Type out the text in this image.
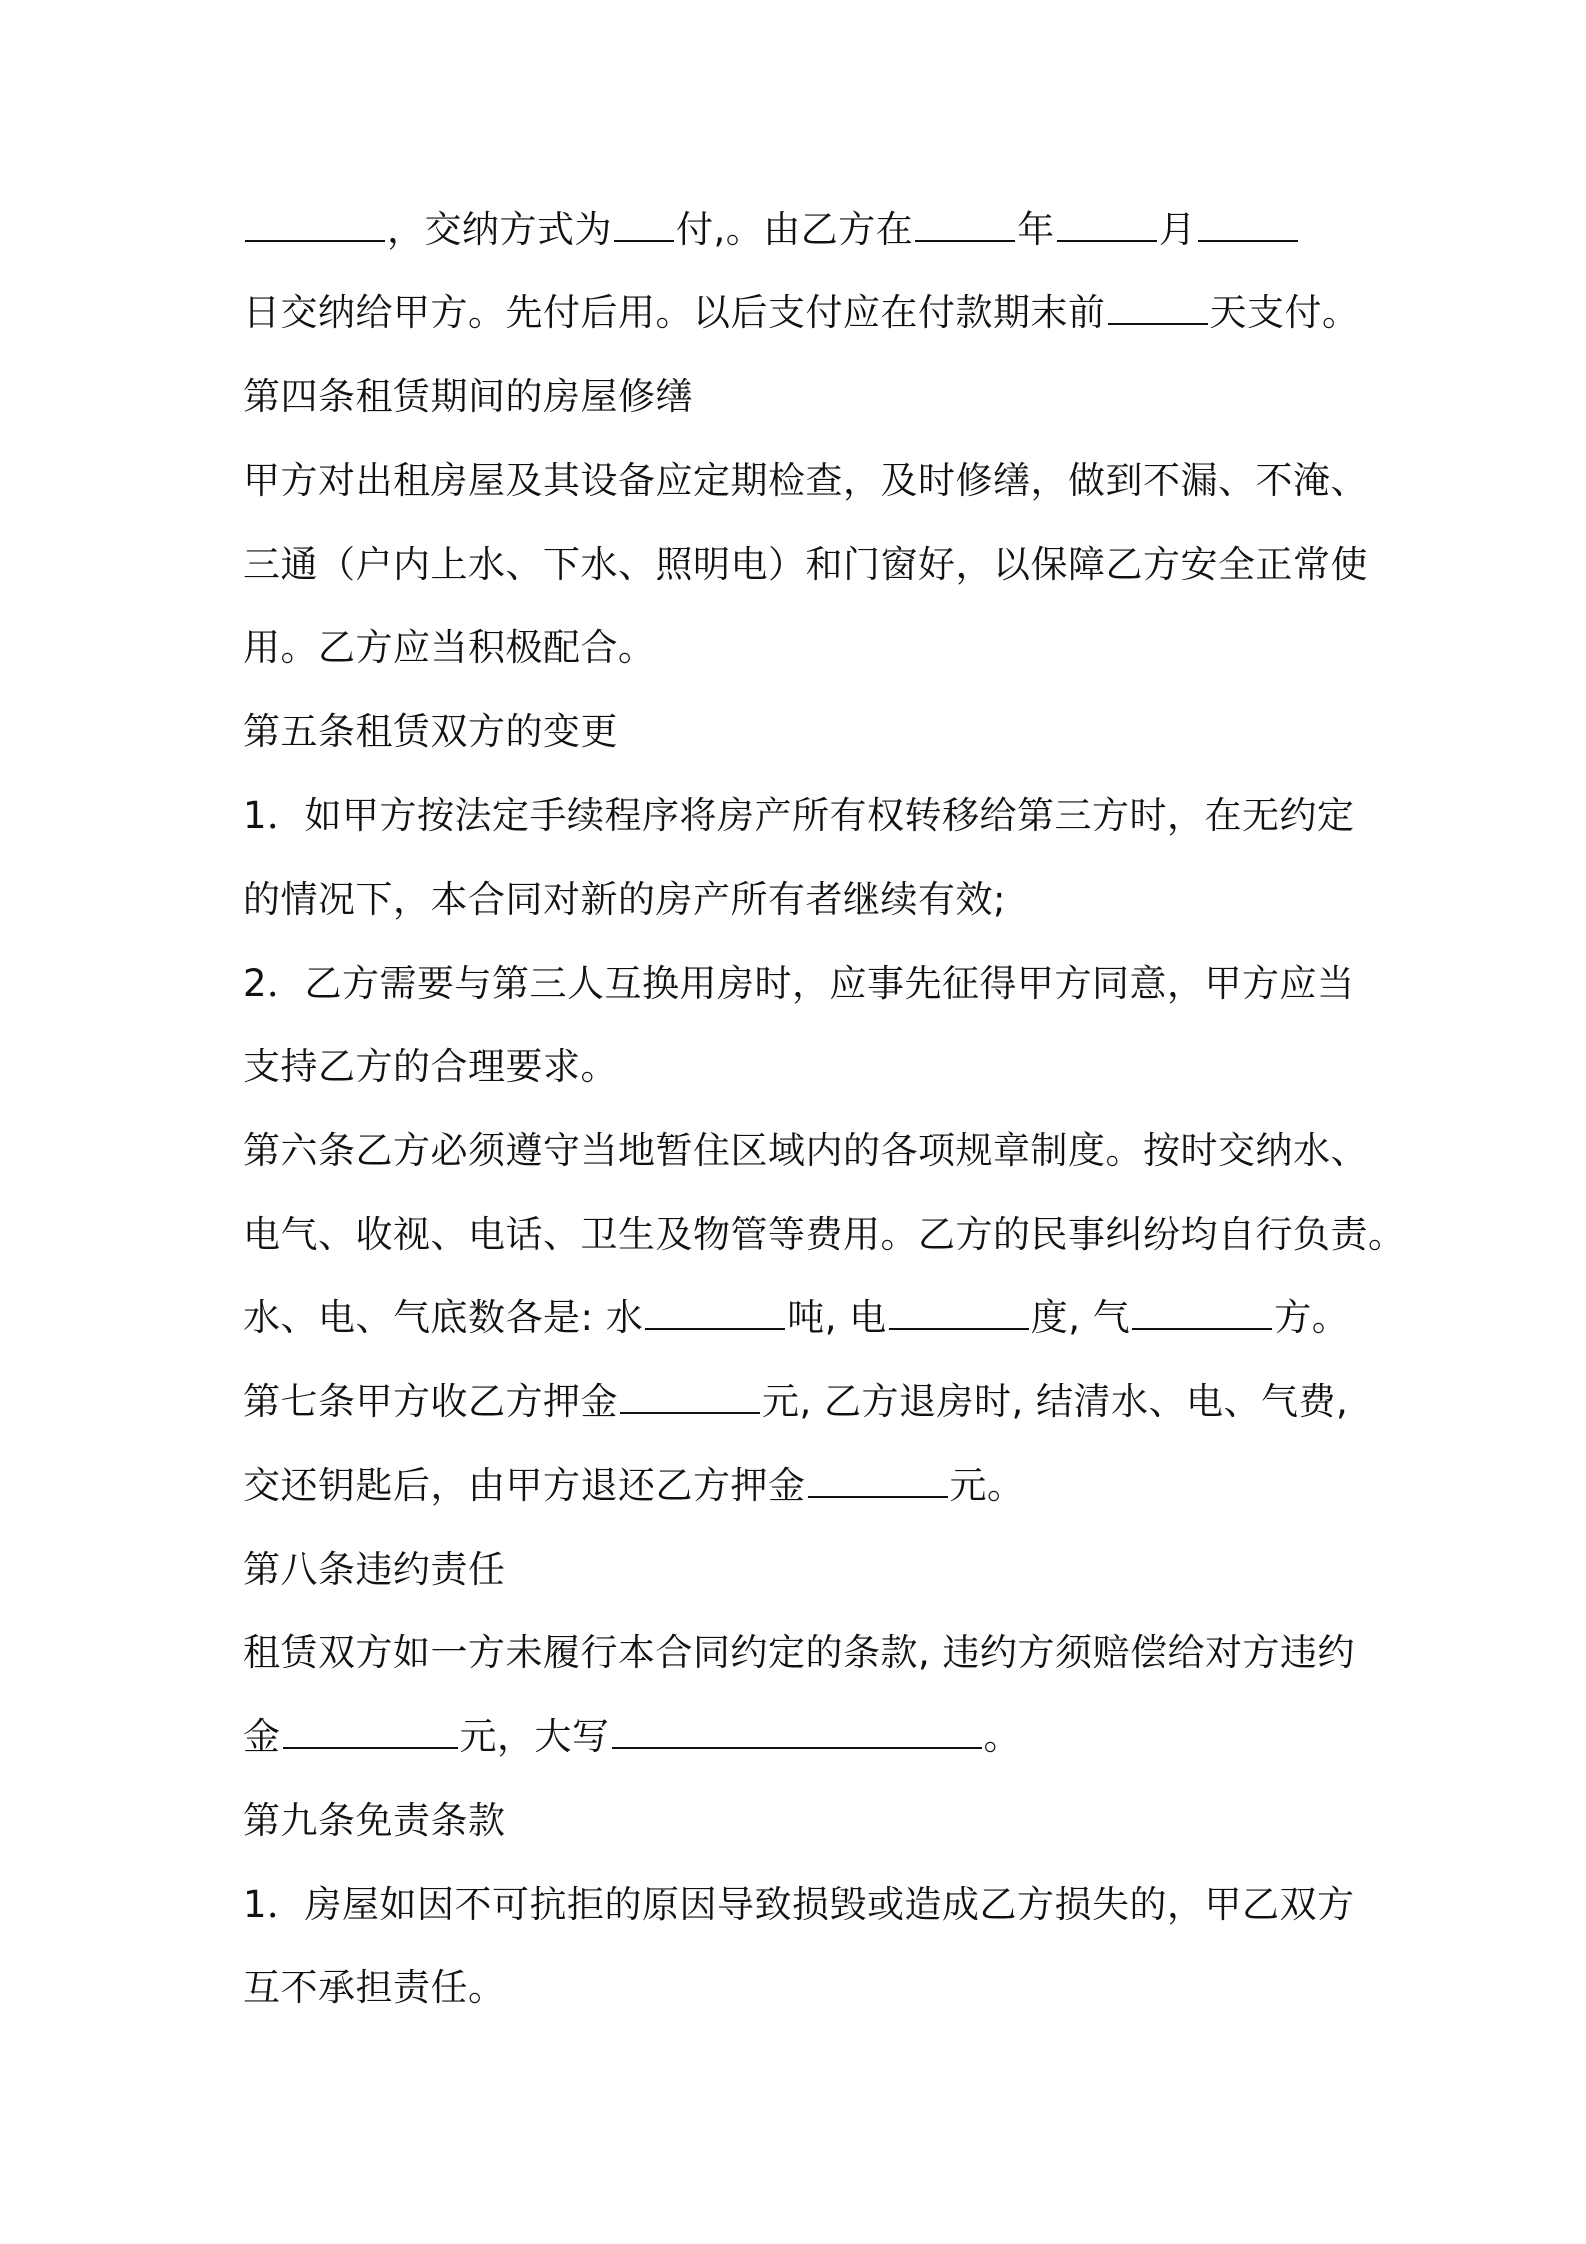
，交纳方式为 付,。由乙方在	年	月
日交纳给甲方。先付后用。以后支付应在付款期末前	天支付。
第四条租赁期间的房屋修缮
甲方对出租房屋及其设备应定期检查，及时修缮，做到不漏、不淹、
三通（户内上水、下水、照明电）和门窗好，以保障乙方安全正常使
用。乙方应当积极配合。
第五条租赁双方的变更
1．如甲方按法定手续程序将房产所有权转移给第三方时，在无约定
的情况下，本合同对新的房产所有者继续有效;
2．乙方需要与第三人互换用房时，应事先征得甲方同意，甲方应当
支持乙方的合理要求。
第六条乙方必须遵守当地暂住区域内的各项规章制度。按时交纳水、
电气、收视、电话、卫生及物管等费用。乙方的民事纠纷均自行负责。
水、电、气底数各是: 水	吨, 电	度, 气	方。
第七条甲方收乙方押金	元, 乙方退房时, 结清水、电、气费,
交还钥匙后，由甲方退还乙方押金	元。
第八条违约责任
租赁双方如一方未履行本合同约定的条款, 违约方须赔偿给对方违约
金	元，大写	。
第九条免责条款
1．房屋如因不可抗拒的原因导致损毁或造成乙方损失的，甲乙双方
互不承担责任。
